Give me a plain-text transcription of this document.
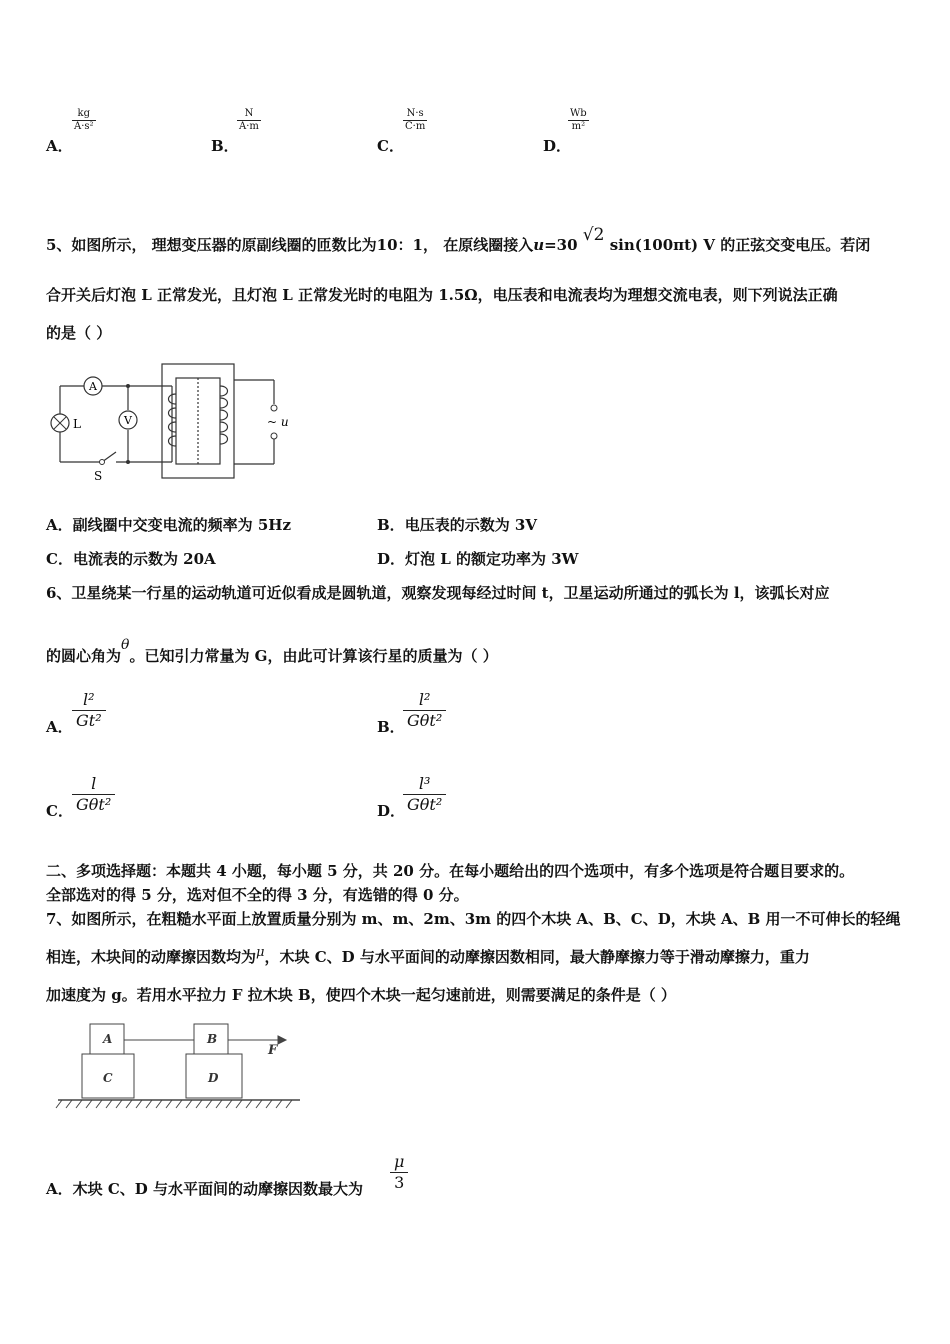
A．
kg
A·s²
B．
N
A·m
C．
N·s
C·m
D．
Wb
m²
5、如图所示， 理想变压器的原副线圈的匝数比为10：1， 在原线圈接入u=30 √2 sin(100πt) V 的正弦交变电压。若闭
合开关后灯泡 L 正常发光，且灯泡 L 正常发光时的电阻为 1.5Ω，电压表和电流表均为理想交流电表，则下列说法正确
的是（ ）
A
V
L
S
~ u
A．副线圈中交变电流的频率为 5Hz	B．电压表的示数为 3V
C．电流表的示数为 20A	D．灯泡 L 的额定功率为 3W
6、卫星绕某一行星的运动轨道可近似看成是圆轨道，观察发现每经过时间 t，卫星运动所通过的弧长为 l，该弧长对应
的圆心角为θ。已知引力常量为 G，由此可计算该行星的质量为（ ）
A．
l²
Gt²	B．
l²
Gθt²
C．
l
Gθt²	D．
l³
Gθt²
二、多项选择题：本题共 4 小题，每小题 5 分，共 20 分。在每小题给出的四个选项中，有多个选项是符合题目要求的。
全部选对的得 5 分，选对但不全的得 3 分，有选错的得 0 分。
7、如图所示，在粗糙水平面上放置质量分别为 m、m、2m、3m 的四个木块 A、B、C、D，木块 A、B 用一不可伸长的轻绳
相连，木块间的动摩擦因数均为μ，木块 C、D 与水平面间的动摩擦因数相同，最大静摩擦力等于滑动摩擦力，重力
加速度为 g。若用水平拉力 F 拉木块 B，使四个木块一起匀速前进，则需要满足的条件是（ ）
A	B
C	D
F
A．木块 C、D 与水平面间的动摩擦因数最大为
μ
3
